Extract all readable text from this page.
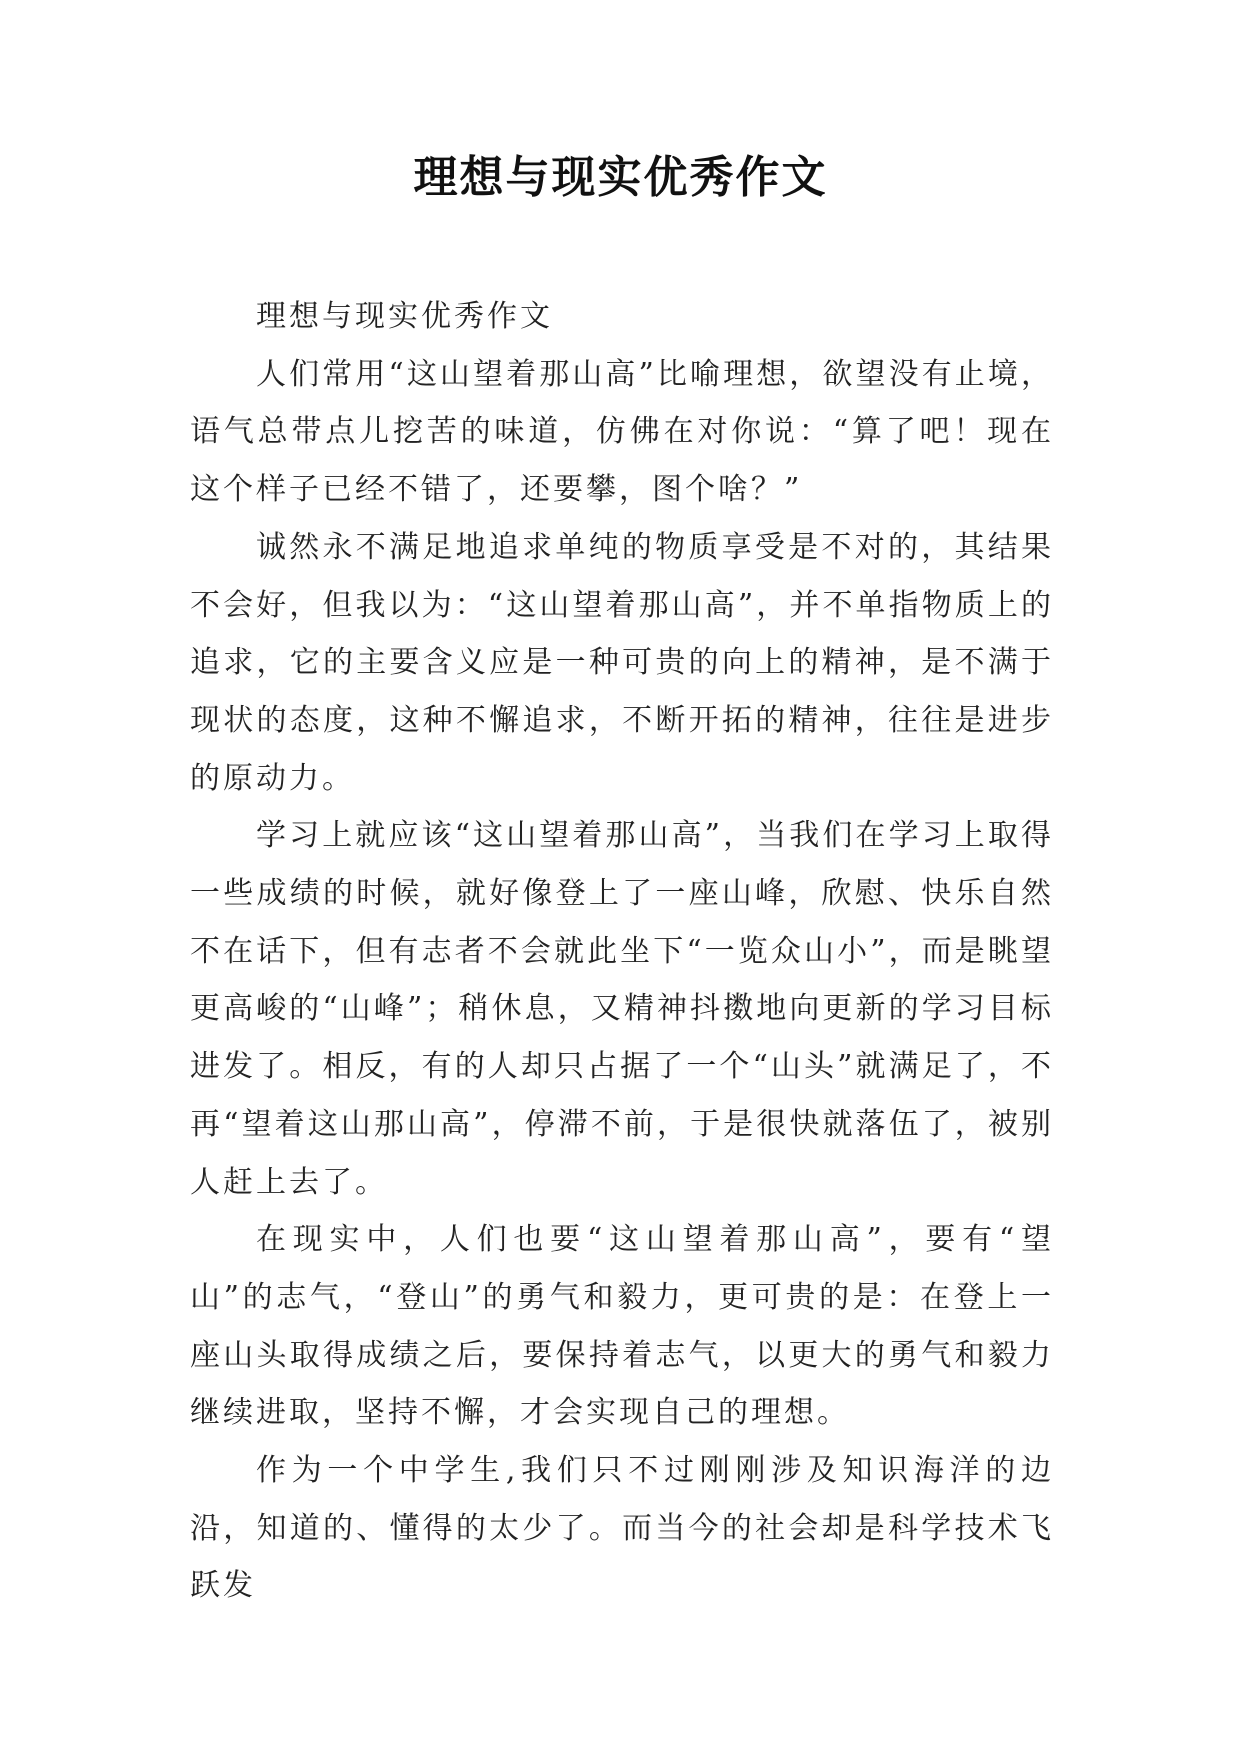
理想与现实优秀作文

理想与现实优秀作文

人们常用“这山望着那山高”比喻理想，欲望没有止境，语气总带点儿挖苦的味道，仿佛在对你说：“算了吧！现在这个样子已经不错了，还要攀，图个啥？”

诚然永不满足地追求单纯的物质享受是不对的，其结果不会好，但我以为：“这山望着那山高”，并不单指物质上的追求，它的主要含义应是一种可贵的向上的精神，是不满于现状的态度，这种不懈追求，不断开拓的精神，往往是进步的原动力。

学习上就应该“这山望着那山高”，当我们在学习上取得一些成绩的时候，就好像登上了一座山峰，欣慰、快乐自然不在话下，但有志者不会就此坐下“一览众山小”，而是眺望更高峻的“山峰”；稍休息，又精神抖擞地向更新的学习目标进发了。相反，有的人却只占据了一个“山头”就满足了，不再“望着这山那山高”，停滞不前，于是很快就落伍了，被别人赶上去了。

在现实中，人们也要“这山望着那山高”，要有“望山”的志气，“登山”的勇气和毅力，更可贵的是：在登上一座山头取得成绩之后，要保持着志气，以更大的勇气和毅力继续进取，坚持不懈，才会实现自己的理想。

作为一个中学生,我们只不过刚刚涉及知识海洋的边沿，知道的、懂得的太少了。而当今的社会却是科学技术飞跃发
